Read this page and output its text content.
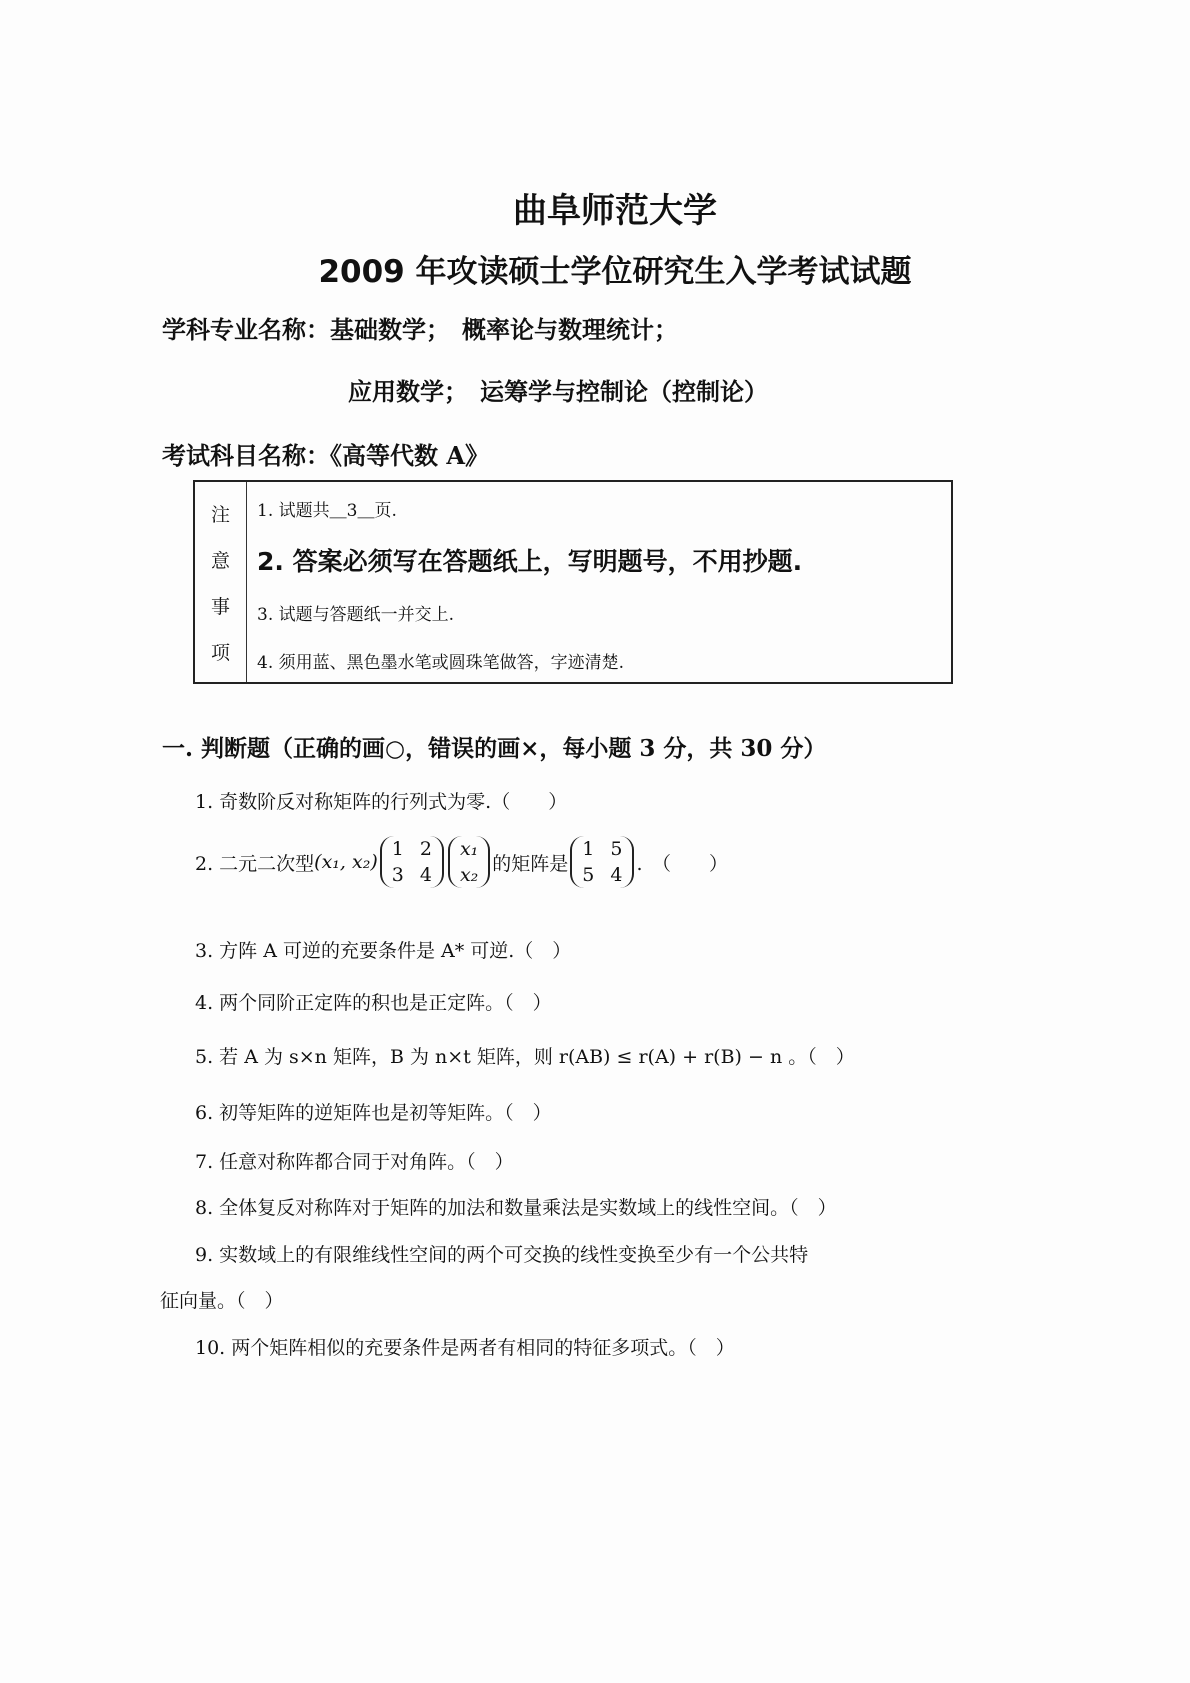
曲阜师范大学
2009 年攻读硕士学位研究生入学考试试题
学科专业名称：基础数学；　概率论与数理统计；
应用数学；　运筹学与控制论（控制论）
考试科目名称：《高等代数 A》
注
意
事
项
1. 试题共＿3＿页.
2. 答案必须写在答题纸上，写明题号，不用抄题.
3. 试题与答题纸一并交上.
4. 须用蓝、黑色墨水笔或圆珠笔做答，字迹清楚.
一. 判断题（正确的画○，错误的画×，每小题 3 分，共 30 分）
1. 奇数阶反对称矩阵的行列式为零.（　　）
2. 二元二次型 (x₁, x₂)
1 2
3 4
x₁
x₂
的矩阵是
1 5
5 4
.　（　　）
3. 方阵 A 可逆的充要条件是 A* 可逆.（　）
4. 两个同阶正定阵的积也是正定阵。（　）
5. 若 A 为 s×n 矩阵，B 为 n×t 矩阵，则 r(AB) ≤ r(A) + r(B) − n 。（　）
6. 初等矩阵的逆矩阵也是初等矩阵。（　）
7. 任意对称阵都合同于对角阵。（　）
8. 全体复反对称阵对于矩阵的加法和数量乘法是实数域上的线性空间。（　）
9. 实数域上的有限维线性空间的两个可交换的线性变换至少有一个公共特
征向量。（　）
10. 两个矩阵相似的充要条件是两者有相同的特征多项式。（　）
